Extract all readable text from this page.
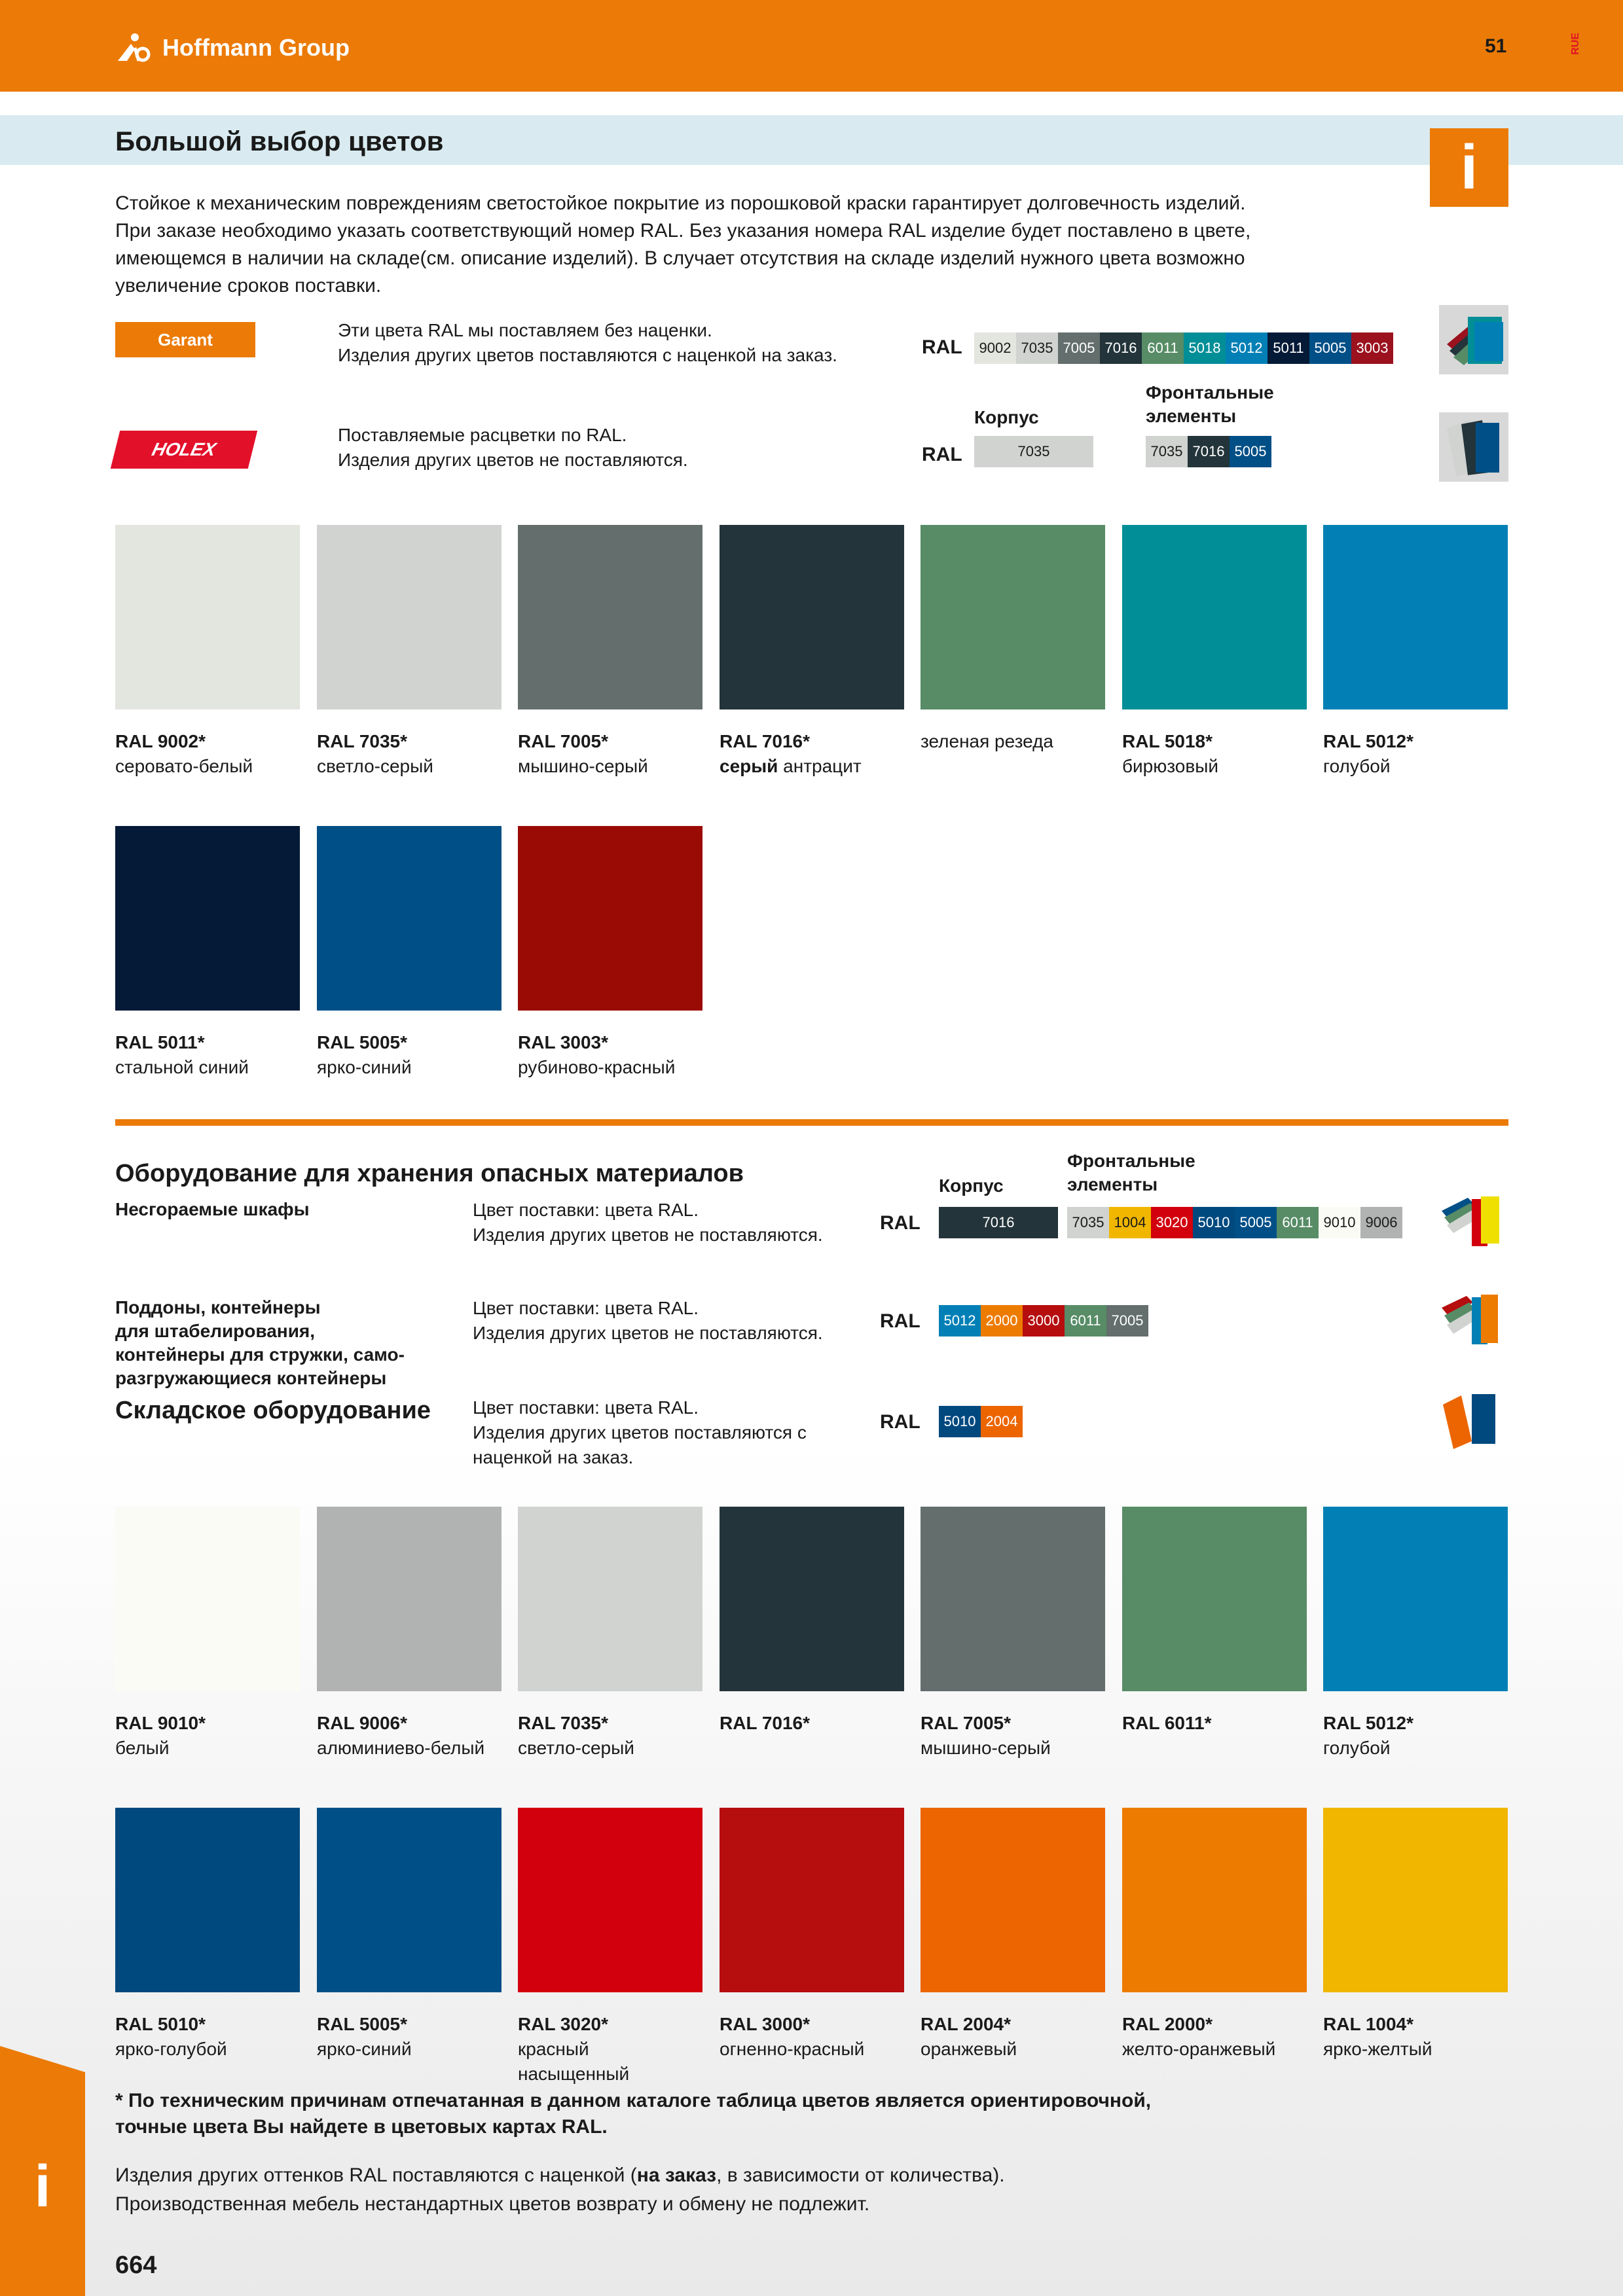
Hoffmann Group	51	RUE
Большой выбор цветов	i
Стойкое к механическим повреждениям светостойкое покрытие из порошковой краски гарантирует долговечность изделий.
При заказе необходимо указать соответствующий номер RAL. Без указания номера RAL изделие будет поставлено в цвете,
имеющемся в наличии на складе(см. описание изделий). В случает отсутствия на складе изделий нужного цвета возможно
увеличение сроков поставки.
Garant	Эти цвета RAL мы поставляем без наценки.
Изделия других цветов поставляются с наценкой на заказ.	RAL	9002 7035 7005 7016 6011 5018 5012 5011 5005 3003
HOLEX
Поставляемые расцветки по RAL.
Изделия других цветов не поставляются.
Корпус
Фронтальные
элементы
RAL	7035	7035 7016 5005
RAL 9002*
серовато-белый
RAL 7035*
светло-серый
RAL 7005*
мышино-серый
RAL 7016*
серый антрацит
зеленая резеда	RAL 5018*
бирюзовый
RAL 5012*
голубой
RAL 5011*
стальной синий
RAL 5005*
ярко-синий
RAL 3003*
рубиново-красный
Оборудование для хранения опасных материалов	Корпус
Фронтальные
элементы
Несгораемые шкафы	Цвет поставки: цвета RAL.
Изделия других цветов не поставляются.
RAL	7016	7035 1004 3020 5010 5005 6011 9010 9006
Поддоны, контейнеры
для штабелирования,
контейнеры для стружки, само-
разгружающиеся контейнеры
Цвет поставки: цвета RAL.
Изделия других цветов не поставляются.
RAL	5012 2000 3000 6011 7005
Складское оборудование	Цвет поставки: цвета RAL.
Изделия других цветов поставляются с
наценкой на заказ.
RAL	5010 2004
RAL 9010*
белый
RAL 9006*
алюминиево-белый
RAL 7035*
светло-серый
RAL 7016*	RAL 7005*
мышино-серый
RAL 6011*	RAL 5012*
голубой
RAL 5010*
ярко-голубой
RAL 5005*
ярко-синий
RAL 3020*
красный
насыщенный
RAL 3000*
огненно-красный
RAL 2004*
оранжевый
RAL 2000*
желто-оранжевый
RAL 1004*
ярко-желтый
* По техническим причинам отпечатанная в данном каталоге таблица цветов является ориентировочной,
точные цвета Вы найдете в цветовых картах RAL.
Изделия других оттенков RAL поставляются с наценкой (на заказ, в зависимости от количества).
Производственная мебель нестандартных цветов возврату и обмену не подлежит.
i
664
